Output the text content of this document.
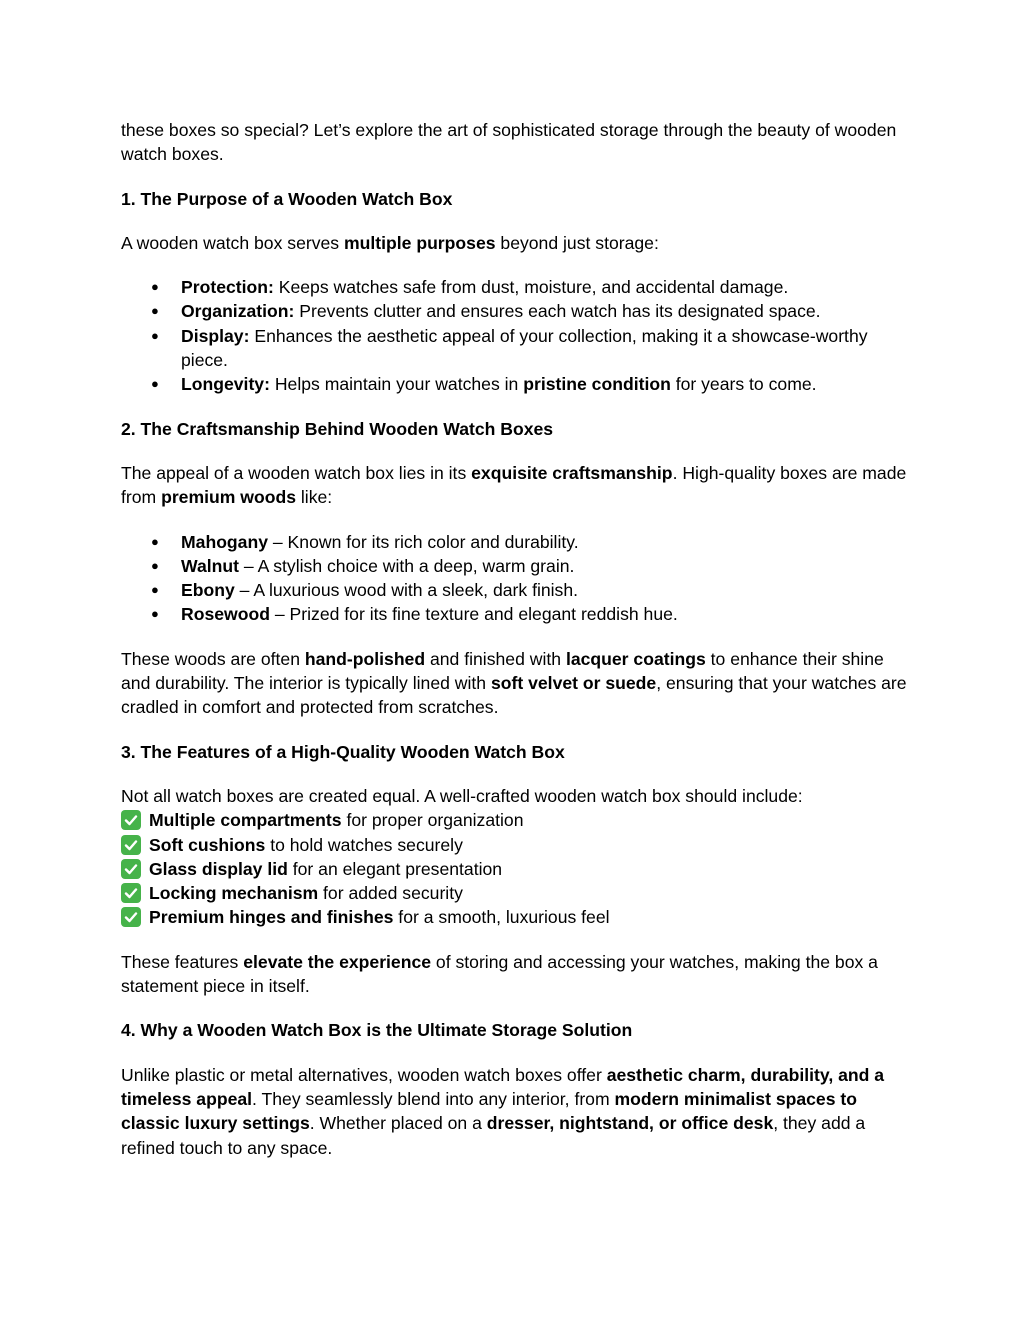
these boxes so special? Let’s explore the art of sophisticated storage through the beauty of wooden watch boxes.

1. The Purpose of a Wooden Watch Box

A wooden watch box serves multiple purposes beyond just storage:

● Protection: Keeps watches safe from dust, moisture, and accidental damage.
● Organization: Prevents clutter and ensures each watch has its designated space.
● Display: Enhances the aesthetic appeal of your collection, making it a showcase-worthy piece.
● Longevity: Helps maintain your watches in pristine condition for years to come.
2. The Craftsmanship Behind Wooden Watch Boxes

The appeal of a wooden watch box lies in its exquisite craftsmanship. High-quality boxes are made from premium woods like:

● Mahogany – Known for its rich color and durability.
● Walnut – A stylish choice with a deep, warm grain.
● Ebony – A luxurious wood with a sleek, dark finish.
● Rosewood – Prized for its fine texture and elegant reddish hue.

These woods are often hand-polished and finished with lacquer coatings to enhance their shine and durability. The interior is typically lined with soft velvet or suede, ensuring that your watches are cradled in comfort and protected from scratches.

3. The Features of a High-Quality Wooden Watch Box
Not all watch boxes are created equal. A well-crafted wooden watch box should include:
Multiple compartments for proper organization
Soft cushions to hold watches securely
Glass display lid for an elegant presentation
Locking mechanism for added security
Premium hinges and finishes for a smooth, luxurious feel

These features elevate the experience of storing and accessing your watches, making the box a statement piece in itself.

4. Why a Wooden Watch Box is the Ultimate Storage Solution

Unlike plastic or metal alternatives, wooden watch boxes offer aesthetic charm, durability, and a timeless appeal. They seamlessly blend into any interior, from modern minimalist spaces to classic luxury settings. Whether placed on a dresser, nightstand, or office desk, they add a refined touch to any space.
